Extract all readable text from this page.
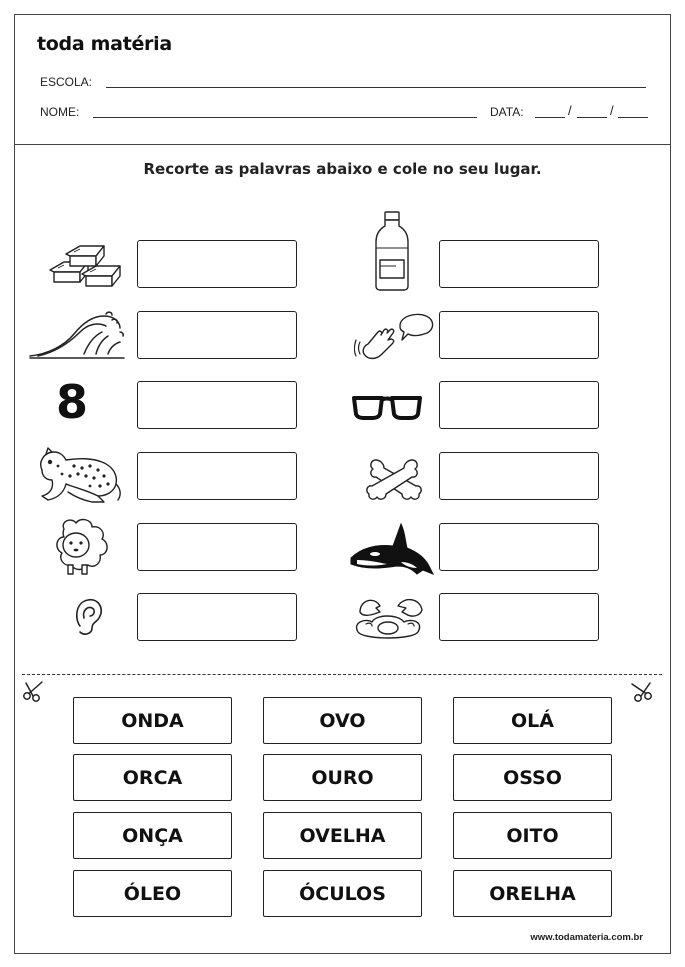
toda matéria
ESCOLA:
NOME:	DATA:	/	/
Recorte as palavras abaixo e cole no seu lugar.
8
ONDA	OVO	OLÁ
ORCA	OURO	OSSO
ONÇA	OVELHA	OITO
ÓLEO	ÓCULOS	ORELHA
www.todamateria.com.br
